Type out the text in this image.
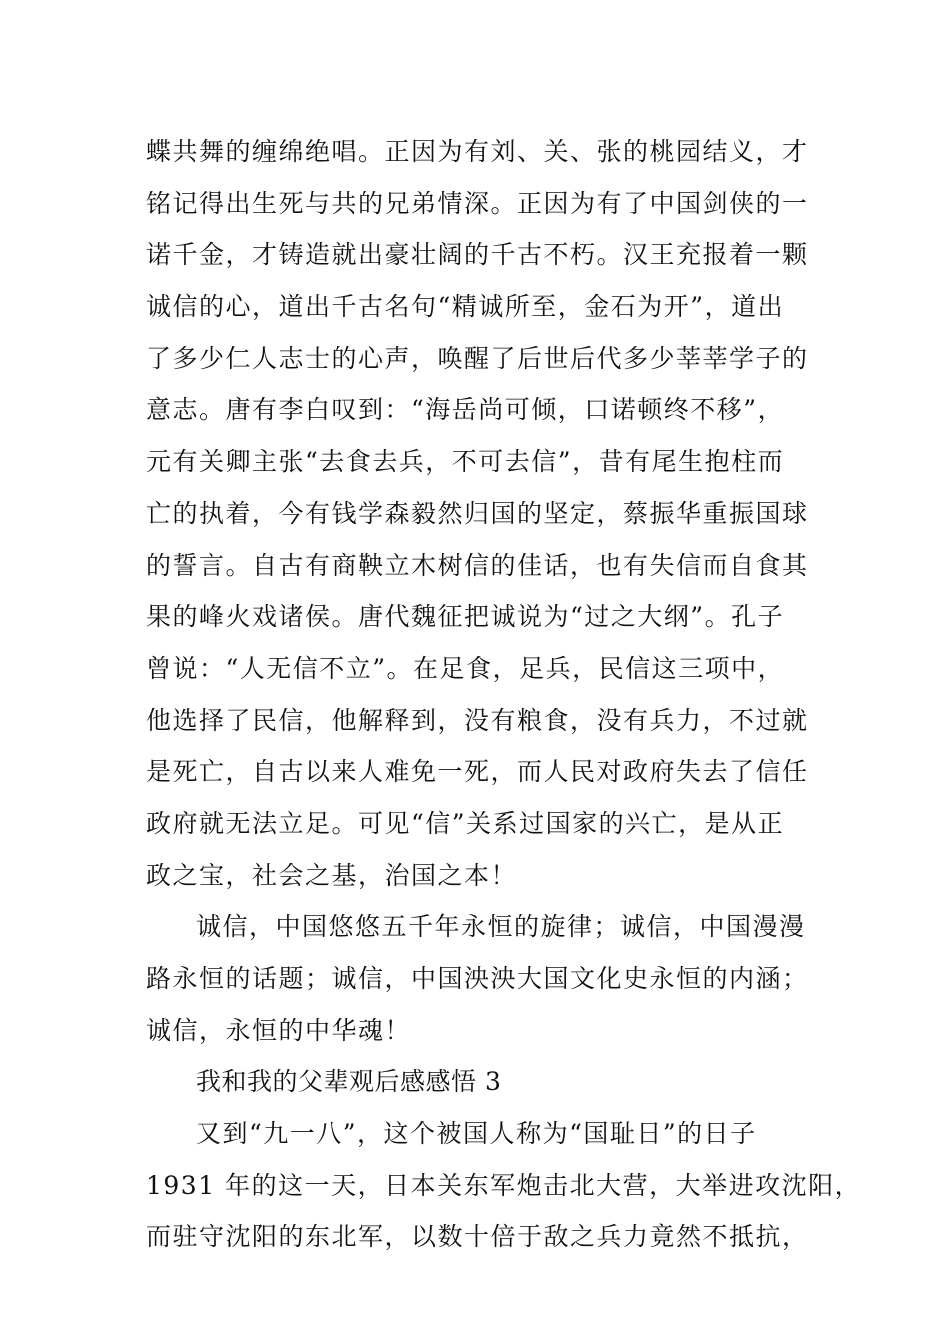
蝶共舞的缠绵绝唱。正因为有刘、关、张的桃园结义，才
铭记得出生死与共的兄弟情深。正因为有了中国剑侠的一
诺千金，才铸造就出豪壮阔的千古不朽。汉王充报着一颗
诚信的心，道出千古名句“精诚所至，金石为开”，道出
了多少仁人志士的心声，唤醒了后世后代多少莘莘学子的
意志。唐有李白叹到：“海岳尚可倾，口诺顿终不移”，
元有关卿主张“去食去兵，不可去信”，昔有尾生抱柱而
亡的执着，今有钱学森毅然归国的坚定，蔡振华重振国球
的誓言。自古有商鞅立木树信的佳话，也有失信而自食其
果的峰火戏诸侯。唐代魏征把诚说为“过之大纲”。孔子
曾说：“人无信不立”。在足食，足兵，民信这三项中，
他选择了民信，他解释到，没有粮食，没有兵力，不过就
是死亡，自古以来人难免一死，而人民对政府失去了信任
政府就无法立足。可见“信”关系过国家的兴亡，是从正
政之宝，社会之基，治国之本！
诚信，中国悠悠五千年永恒的旋律；诚信，中国漫漫
路永恒的话题；诚信，中国泱泱大国文化史永恒的内涵；
诚信，永恒的中华魂！
我和我的父辈观后感感悟 3
又到“九一八”，这个被国人称为“国耻日”的日子
1931 年的这一天，日本关东军炮击北大营，大举进攻沈阳，
而驻守沈阳的东北军，以数十倍于敌之兵力竟然不抵抗，
